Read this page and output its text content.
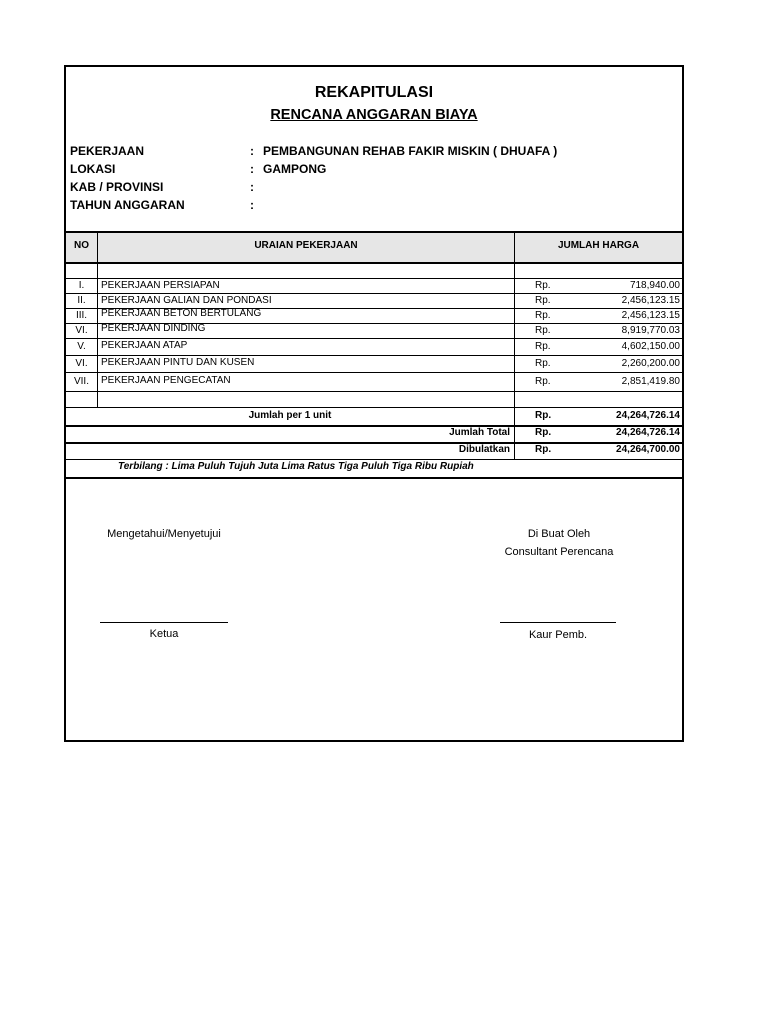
REKAPITULASI
RENCANA ANGGARAN BIAYA
PEKERJAAN	: PEMBANGUNAN REHAB FAKIR MISKIN ( DHUAFA )
LOKASI	: GAMPONG
KAB / PROVINSI	:
TAHUN ANGGARAN	:
NO	URAIAN PEKERJAAN	JUMLAH HARGA
I.	PEKERJAAN PERSIAPAN	Rp.	718,940.00
II.	PEKERJAAN GALIAN DAN PONDASI	Rp.	2,456,123.15
III.	PEKERJAAN BETON BERTULANG	Rp.	2,456,123.15
VI.	PEKERJAAN DINDING	Rp.	8,919,770.03
V.	PEKERJAAN ATAP	Rp.	4,602,150.00
VI.	PEKERJAAN PINTU DAN KUSEN	Rp.	2,260,200.00
VII.	PEKERJAAN PENGECATAN	Rp.	2,851,419.80
Jumlah per 1 unit	Rp.	24,264,726.14
Jumlah Total	Rp.	24,264,726.14
Dibulatkan	Rp.	24,264,700.00
Terbilang : Lima Puluh Tujuh Juta Lima Ratus Tiga Puluh Tiga Ribu Rupiah
Mengetahui/Menyetujui
Ketua
Di Buat Oleh
Consultant Perencana
Kaur Pemb.
